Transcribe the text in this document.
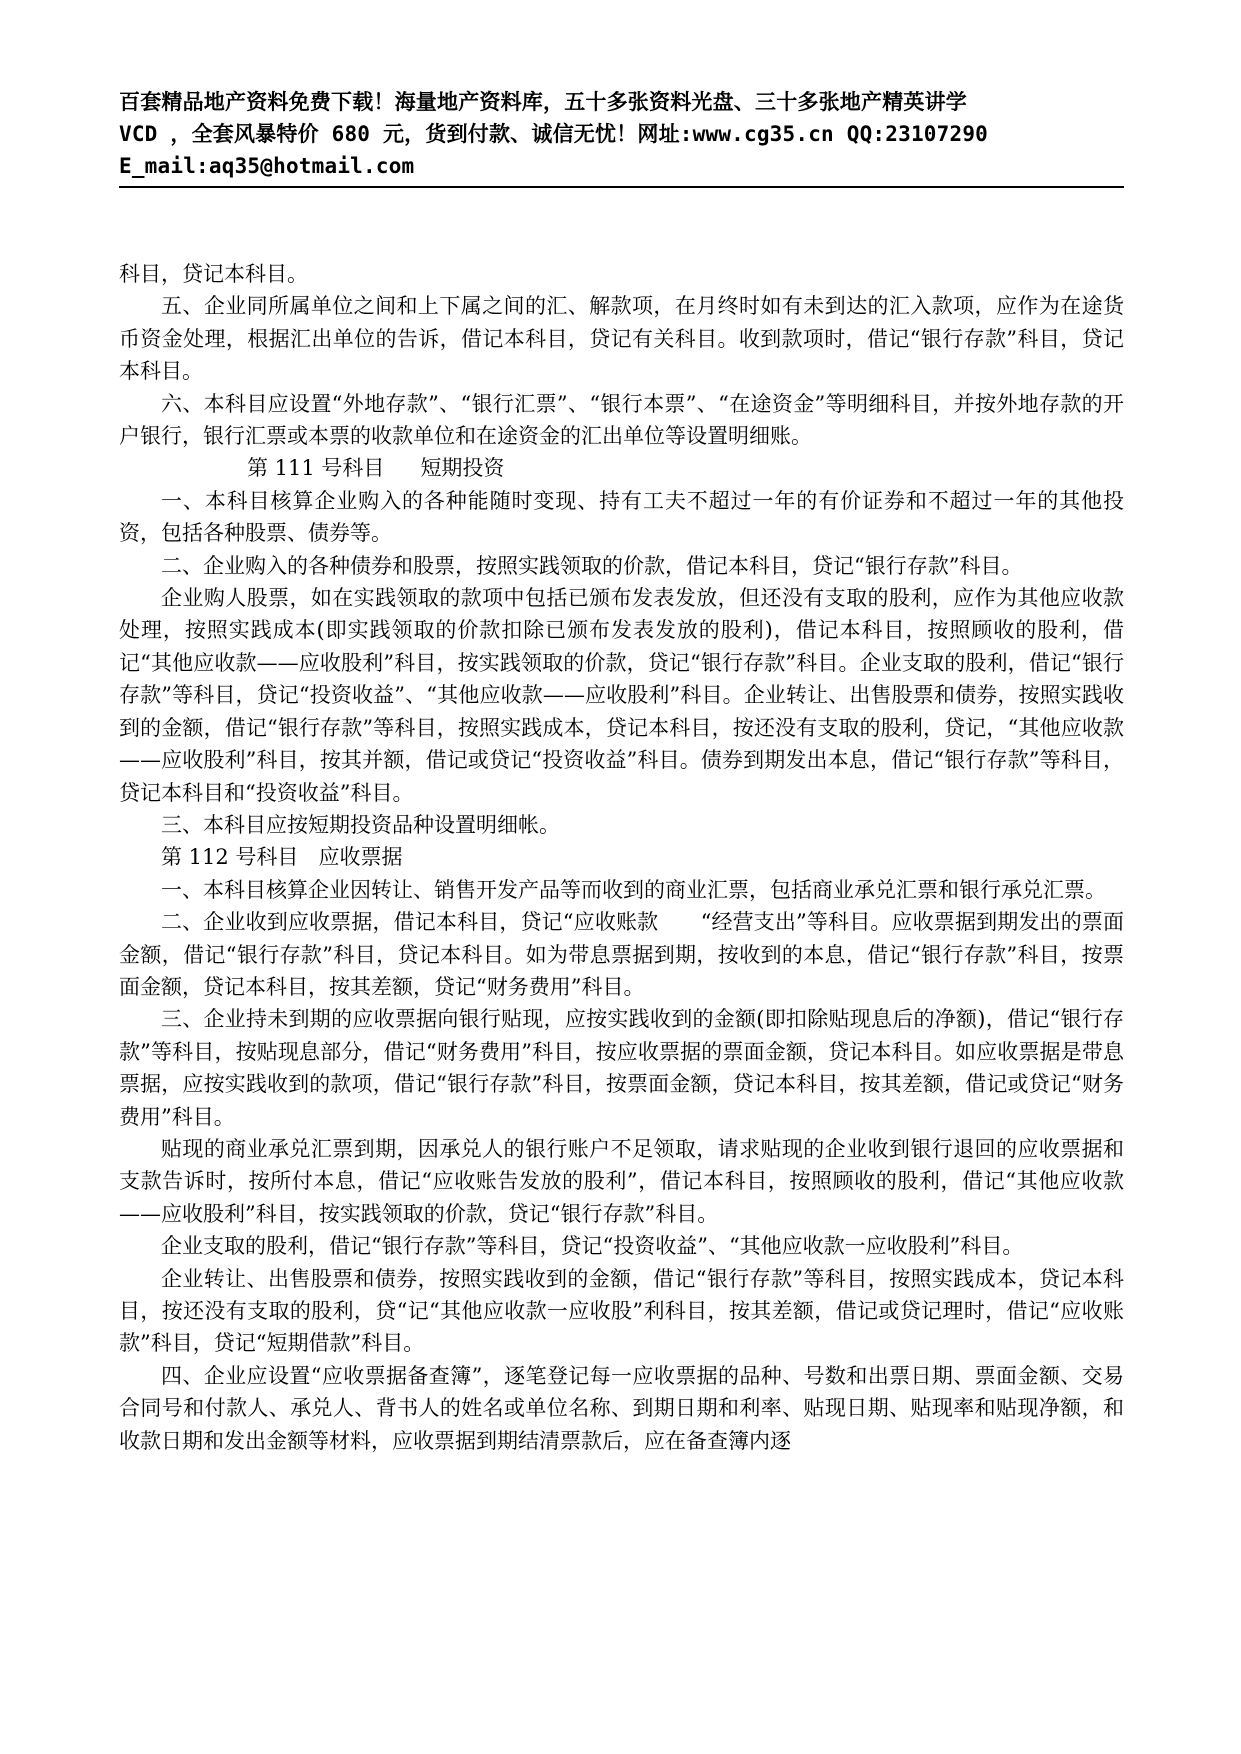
百套精品地产资料免费下载！海量地产资料库，五十多张资料光盘、三十多张地产精英讲学
VCD ，全套风暴特价 680 元，货到付款、诚信无忧！网址:www.cg35.cn QQ:23107290
E_mail:aq35@hotmail.com

科目，贷记本科目。

五、企业同所属单位之间和上下属之间的汇、解款项，在月终时如有未到达的汇入款项，应作为在途货币资金处理，根据汇出单位的告诉，借记本科目，贷记有关科目。收到款项时，借记“银行存款”科目，贷记本科目。

六、本科目应设置“外地存款”、“银行汇票”、“银行本票”、“在途资金”等明细科目，并按外地存款的开户银行，银行汇票或本票的收款单位和在途资金的汇出单位等设置明细账。

第 111 号科目 短期投资

一、本科目核算企业购入的各种能随时变现、持有工夫不超过一年的有价证券和不超过一年的其他投资，包括各种股票、债券等。

二、企业购入的各种债券和股票，按照实践领取的价款，借记本科目，贷记“银行存款”科目。

企业购人股票，如在实践领取的款项中包括已颁布发表发放，但还没有支取的股利，应作为其他应收款处理，按照实践成本(即实践领取的价款扣除已颁布发表发放的股利)，借记本科目，按照顾收的股利，借记“其他应收款——应收股利”科目，按实践领取的价款，贷记“银行存款”科目。企业支取的股利，借记“银行存款”等科目，贷记“投资收益”、“其他应收款——应收股利”科目。企业转让、出售股票和债券，按照实践收到的金额，借记“银行存款”等科目，按照实践成本，贷记本科目，按还没有支取的股利，贷记，“其他应收款——应收股利”科目，按其并额，借记或贷记“投资收益”科目。债券到期发出本息，借记“银行存款”等科目，贷记本科目和“投资收益”科目。

三、本科目应按短期投资品种设置明细帐。

第 112 号科目 应收票据

一、本科目核算企业因转让、销售开发产品等而收到的商业汇票，包括商业承兑汇票和银行承兑汇票。

二、企业收到应收票据，借记本科目，贷记“应收账款　　“经营支出”等科目。应收票据到期发出的票面金额，借记“银行存款”科目，贷记本科目。如为带息票据到期，按收到的本息，借记“银行存款”科目，按票面金额，贷记本科目，按其差额，贷记“财务费用”科目。

三、企业持未到期的应收票据向银行贴现，应按实践收到的金额(即扣除贴现息后的净额)，借记“银行存款”等科目，按贴现息部分，借记“财务费用”科目，按应收票据的票面金额，贷记本科目。如应收票据是带息票据，应按实践收到的款项，借记“银行存款”科目，按票面金额，贷记本科目，按其差额，借记或贷记“财务费用”科目。

贴现的商业承兑汇票到期，因承兑人的银行账户不足领取，请求贴现的企业收到银行退回的应收票据和支款告诉时，按所付本息，借记“应收账告发放的股利”，借记本科目，按照顾收的股利，借记“其他应收款——应收股利”科目，按实践领取的价款，贷记“银行存款”科目。

企业支取的股利，借记“银行存款”等科目，贷记“投资收益”、“其他应收款一应收股利”科目。

企业转让、出售股票和债券，按照实践收到的金额，借记“银行存款”等科目，按照实践成本，贷记本科目，按还没有支取的股利，贷“记“其他应收款一应收股”利科目，按其差额，借记或贷记理时，借记“应收账款”科目，贷记“短期借款”科目。

四、企业应设置“应收票据备查簿”，逐笔登记每一应收票据的品种、号数和出票日期、票面金额、交易合同号和付款人、承兑人、背书人的姓名或单位名称、到期日期和利率、贴现日期、贴现率和贴现净额，和收款日期和发出金额等材料，应收票据到期结清票款后，应在备查簿内逐
